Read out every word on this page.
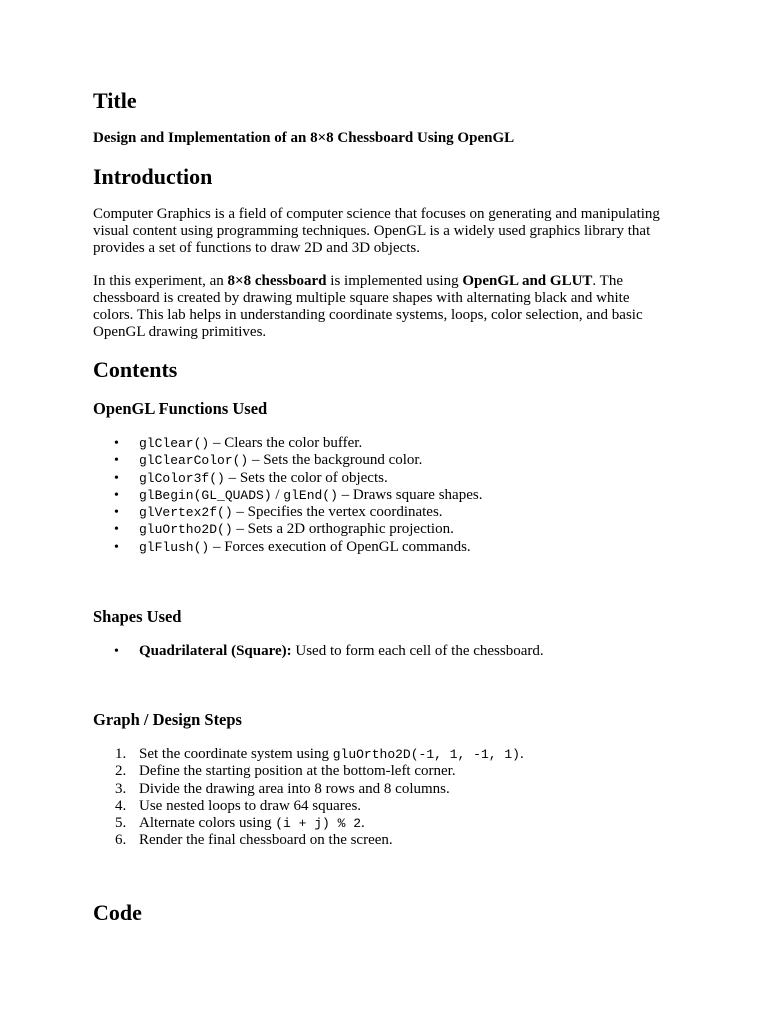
Title

Design and Implementation of an 8×8 Chessboard Using OpenGL

Introduction

Computer Graphics is a field of computer science that focuses on generating and manipulating visual content using programming techniques. OpenGL is a widely used graphics library that provides a set of functions to draw 2D and 3D objects.

In this experiment, an 8×8 chessboard is implemented using OpenGL and GLUT. The chessboard is created by drawing multiple square shapes with alternating black and white colors. This lab helps in understanding coordinate systems, loops, color selection, and basic OpenGL drawing primitives.

Contents
OpenGL Functions Used
• glClear() – Clears the color buffer.
• glClearColor() – Sets the background color.
• glColor3f() – Sets the color of objects.
• glBegin(GL_QUADS) / glEnd() – Draws square shapes.
• glVertex2f() – Specifies the vertex coordinates.
• gluOrtho2D() – Sets a 2D orthographic projection.
• glFlush() – Forces execution of OpenGL commands.
Shapes Used
• Quadrilateral (Square): Used to form each cell of the chessboard.
Graph / Design Steps
1. Set the coordinate system using gluOrtho2D(-1, 1, -1, 1).
2. Define the starting position at the bottom-left corner.
3. Divide the drawing area into 8 rows and 8 columns.
4. Use nested loops to draw 64 squares.
5. Alternate colors using (i + j) % 2.
6. Render the final chessboard on the screen.
Code
